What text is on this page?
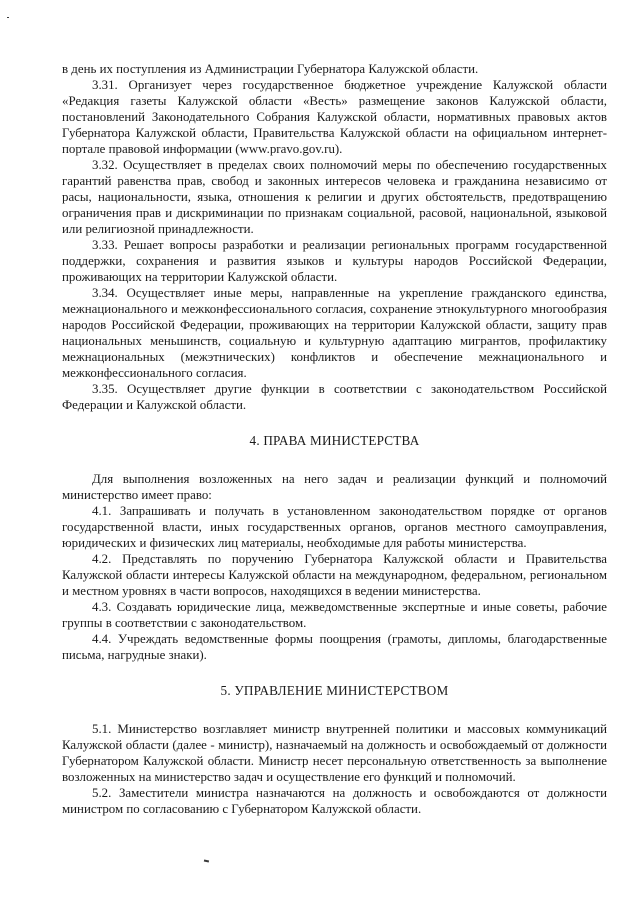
в день их поступления из Администрации Губернатора Калужской области.

3.31. Организует через государственное бюджетное учреждение Калужской области «Редакция газеты Калужской области «Весть» размещение законов Калужской области, постановлений Законодательного Собрания Калужской области, нормативных правовых актов Губернатора Калужской области, Правительства Калужской области на официальном интернет-портале правовой информации (www.pravo.gov.ru).

3.32. Осуществляет в пределах своих полномочий меры по обеспечению государственных гарантий равенства прав, свобод и законных интересов человека и гражданина независимо от расы, национальности, языка, отношения к религии и других обстоятельств, предотвращению ограничения прав и дискриминации по признакам социальной, расовой, национальной, языковой или религиозной принадлежности.

3.33. Решает вопросы разработки и реализации региональных программ государственной поддержки, сохранения и развития языков и культуры народов Российской Федерации, проживающих на территории Калужской области.

3.34. Осуществляет иные меры, направленные на укрепление гражданского единства, межнационального и межконфессионального согласия, сохранение этнокультурного многообразия народов Российской Федерации, проживающих на территории Калужской области, защиту прав национальных меньшинств, социальную и культурную адаптацию мигрантов, профилактику межнациональных (межэтнических) конфликтов и обеспечение межнационального и межконфессионального согласия.

3.35. Осуществляет другие функции в соответствии с законодательством Российской Федерации и Калужской области.

4. ПРАВА МИНИСТЕРСТВА

Для выполнения возложенных на него задач и реализации функций и полномочий министерство имеет право:

4.1. Запрашивать и получать в установленном законодательством порядке от органов государственной власти, иных государственных органов, органов местного самоуправления, юридических и физических лиц материалы, необходимые для работы министерства.

4.2. Представлять по поручению Губернатора Калужской области и Правительства Калужской области интересы Калужской области на международном, федеральном, региональном и местном уровнях в части вопросов, находящихся в ведении министерства.

4.3. Создавать юридические лица, межведомственные экспертные и иные советы, рабочие группы в соответствии с законодательством.

4.4. Учреждать ведомственные формы поощрения (грамоты, дипломы, благодарственные письма, нагрудные знаки).

5. УПРАВЛЕНИЕ МИНИСТЕРСТВОМ

5.1. Министерство возглавляет министр внутренней политики и массовых коммуникаций Калужской области (далее - министр), назначаемый на должность и освобождаемый от должности Губернатором Калужской области. Министр несет персональную ответственность за выполнение возложенных на министерство задач и осуществление его функций и полномочий.

5.2. Заместители министра назначаются на должность и освобождаются от должности министром по согласованию с Губернатором Калужской области.
